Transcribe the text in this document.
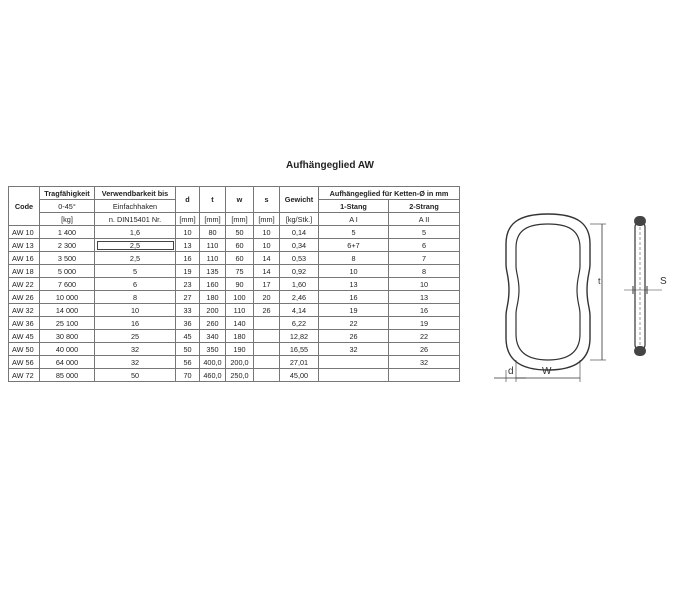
Aufhängeglied AW
Code	Tragfähigkeit	Verwendbarkeit bis	d	t	w	s	Gewicht	Aufhängeglied für Ketten-Ø in mm	
	0-45°	Einfachhaken						1-Stang	2-Strang
	[kg]	n. DIN15401 Nr.	[mm]	[mm]	[mm]	[mm]	[kg/Stk.]	A I	A II
AW 10	1 400	1,6	10	80	50	10	0,14	5	5
AW 13	2 300	2,5	13	110	60	10	0,34	6+7	6
AW 16	3 500	2,5	16	110	60	14	0,53	8	7
AW 18	5 000	5	19	135	75	14	0,92	10	8
AW 22	7 600	6	23	160	90	17	1,60	13	10
AW 26	10 000	8	27	180	100	20	2,46	16	13
AW 32	14 000	10	33	200	110	26	4,14	19	16
AW 36	25 100	16	36	260	140		6,22	22	19
AW 45	30 800	25	45	340	180		12,82	26	22
AW 50	40 000	32	50	350	190		16,55	32	26
AW 56	64 000	32	56	400,0	200,0		27,01		32
AW 72	85 000	50	70	460,0	250,0		45,00		
t
d	W
S
